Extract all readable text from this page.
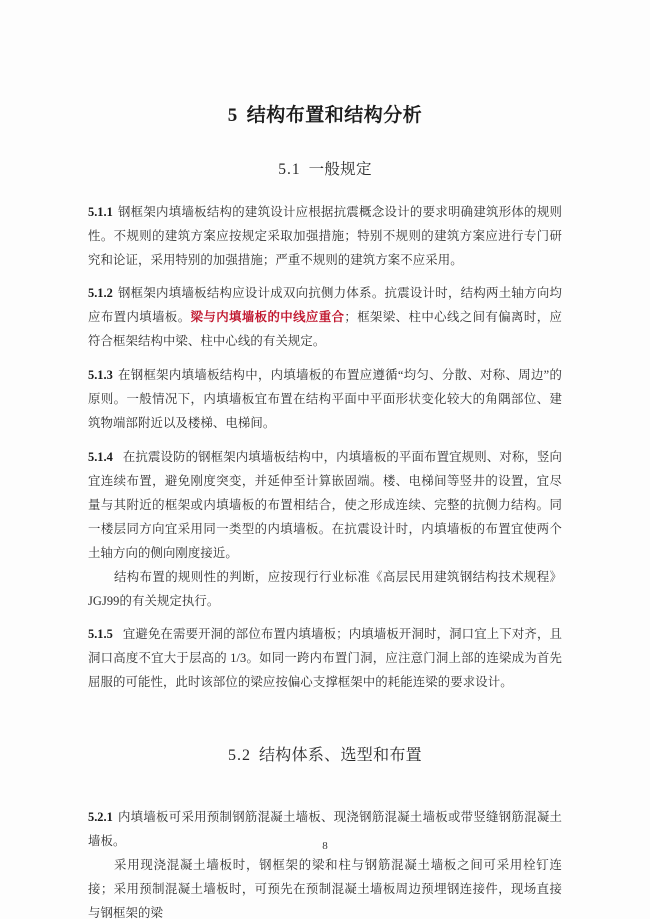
5 结构布置和结构分析
5.1 一般规定

5.1.1 钢框架内填墙板结构的建筑设计应根据抗震概念设计的要求明确建筑形体的规则性。不规则的建筑方案应按规定采取加强措施；特别不规则的建筑方案应进行专门研究和论证，采用特别的加强措施；严重不规则的建筑方案不应采用。

5.1.2 钢框架内填墙板结构应设计成双向抗侧力体系。抗震设计时，结构两土轴方向均应布置内填墙板。梁与内填墙板的中线应重合；框架梁、柱中心线之间有偏离时，应符合框架结构中梁、柱中心线的有关规定。

5.1.3 在钢框架内填墙板结构中，内填墙板的布置应遵循“均匀、分散、对称、周边”的原则。一般情况下，内填墙板宜布置在结构平面中平面形状变化较大的角隅部位、建筑物端部附近以及楼梯、电梯间。

5.1.4 在抗震设防的钢框架内填墙板结构中，内填墙板的平面布置宜规则、对称，竖向宜连续布置，避免刚度突变，并延伸至计算嵌固端。楼、电梯间等竖井的设置，宜尽量与其附近的框架或内填墙板的布置相结合，使之形成连续、完整的抗侧力结构。同一楼层同方向宜采用同一类型的内填墙板。在抗震设计时，内填墙板的布置宜使两个土轴方向的侧向刚度接近。

结构布置的规则性的判断，应按现行行业标准《高层民用建筑钢结构技术规程》JGJ99的有关规定执行。

5.1.5 宜避免在需要开洞的部位布置内填墙板；内填墙板开洞时，洞口宜上下对齐，且洞口高度不宜大于层高的 1/3。如同一跨内布置门洞，应注意门洞上部的连梁成为首先屈服的可能性，此时该部位的梁应按偏心支撑框架中的耗能连梁的要求设计。

5.2 结构体系、选型和布置

5.2.1 内填墙板可采用预制钢筋混凝土墙板、现浇钢筋混凝土墙板或带竖缝钢筋混凝土墙板。

采用现浇混凝土墙板时，钢框架的梁和柱与钢筋混凝土墙板之间可采用栓钉连接；采用预制混凝土墙板时，可预先在预制混凝土墙板周边预埋钢连接件，现场直接与钢框架的梁

8
